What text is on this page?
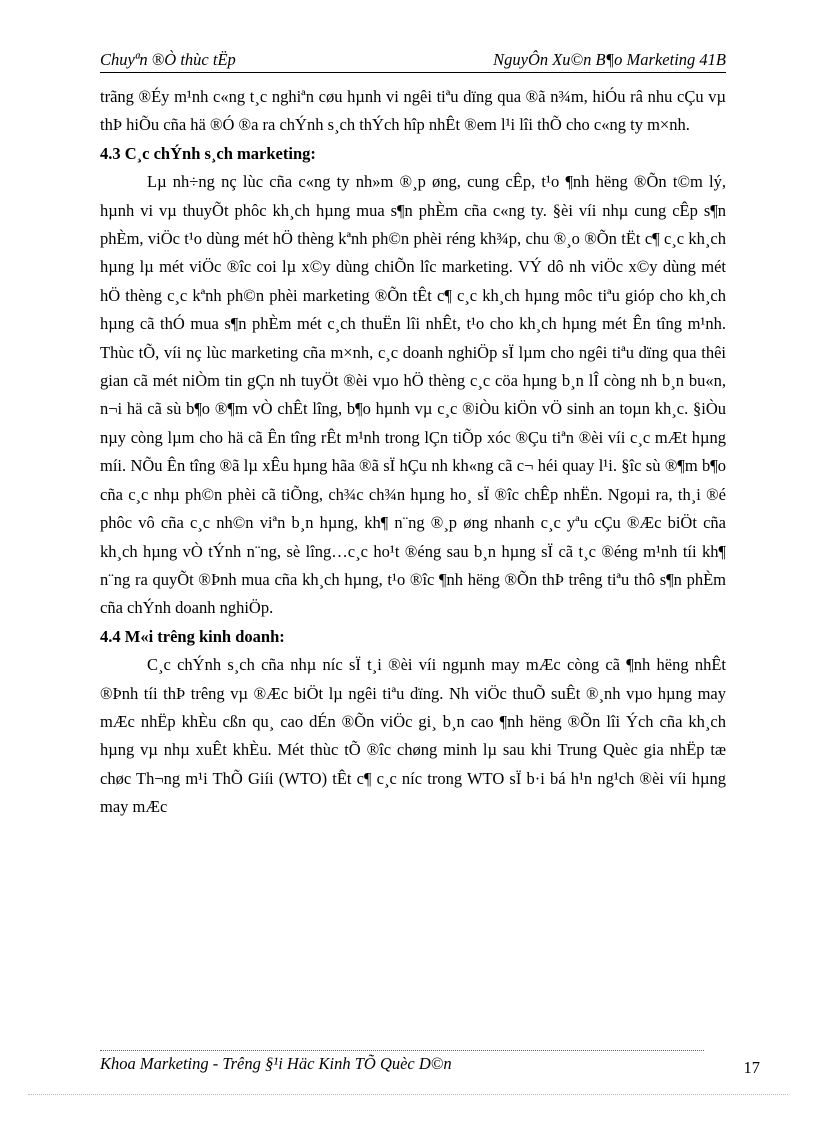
Chuyªn ®Ò thùc tËp	NguyÔn Xu©n B¶o Marketing 41B

trãng ®Éy m¹nh c«ng t¸c nghiªn cøu hµnh vi ngêi tiªu dïng qua ®ã n¾m, hiÓu râ nhu cÇu vµ thÞ hiÕu cña hä ®Ó ®a ra chÝnh s¸ch thÝch hîp nhÊt ®em l¹i lîi thÕ cho c«ng ty m×nh.

4.3 C¸c chÝnh s¸ch marketing:

Lµ nh÷ng nç lùc cña c«ng ty nh»m ®¸p øng, cung cÊp, t¹o ¶nh hëng ®Õn t©m lý, hµnh vi vµ thuyÕt phôc kh¸ch hµng mua s¶n phÈm cña c«ng ty. §èi víi nhµ cung cÊp s¶n phÈm, viÖc t¹o dùng mét hÖ thèng kªnh ph©n phèi réng kh¾p, chu ®¸o ®Õn tËt c¶ c¸c kh¸ch hµng lµ mét viÖc ®îc coi lµ x©y dùng chiÕn lîc marketing. VÝ dô nh viÖc x©y dùng mét hÖ thèng c¸c kªnh ph©n phèi marketing ®Õn tÊt c¶ c¸c kh¸ch hµng môc tiªu gióp cho kh¸ch hµng cã thÓ mua s¶n phÈm mét c¸ch thuËn lîi nhÊt, t¹o cho kh¸ch hµng mét Ên tîng m¹nh. Thùc tÕ, víi nç lùc marketing cña m×nh, c¸c doanh nghiÖp sÏ lµm cho ngêi tiªu dïng qua thêi gian cã mét niÒm tin gÇn nh tuyÖt ®èi vµo hÖ thèng c¸c cöa hµng b¸n lÎ còng nh b¸n bu«n, n¬i hä cã sù b¶o ®¶m vÒ chÊt lîng, b¶o hµnh vµ c¸c ®iÒu kiÖn vÖ sinh an toµn kh¸c. §iÒu nµy còng lµm cho hä cã Ên tîng rÊt m¹nh trong lÇn tiÕp xóc ®Çu tiªn ®èi víi c¸c mÆt hµng míi. NÕu Ên tîng ®ã lµ xÊu hµng hãa ®ã sÏ hÇu nh kh«ng cã c¬ héi quay l¹i. §îc sù ®¶m b¶o cña c¸c nhµ ph©n phèi cã tiÕng, ch¾c ch¾n hµng ho¸ sÏ ®îc chÊp nhËn. Ngoµi ra, th¸i ®é phôc vô cña c¸c nh©n viªn b¸n hµng, kh¶ n¨ng ®¸p øng nhanh c¸c yªu cÇu ®Æc biÖt cña kh¸ch hµng vÒ tÝnh n¨ng, sè lîng…c¸c ho¹t ®éng sau b¸n hµng sÏ cã t¸c ®éng m¹nh tíi kh¶ n¨ng ra quyÕt ®Þnh mua cña kh¸ch hµng, t¹o ®îc ¶nh hëng ®Õn thÞ trêng tiªu thô s¶n phÈm cña chÝnh doanh nghiÖp.

4.4 M«i trêng kinh doanh:

C¸c chÝnh s¸ch cña nhµ níc sÏ t¸i ®èi víi ngµnh may mÆc còng cã ¶nh hëng nhÊt ®Þnh tíi thÞ trêng vµ ®Æc biÖt lµ ngêi tiªu dïng. Nh viÖc thuÕ suÊt ®¸nh vµo hµng may mÆc nhËp khÈu cßn qu¸ cao dÉn ®Õn viÖc gi¸ b¸n cao ¶nh hëng ®Õn lîi Ých cña kh¸ch hµng vµ nhµ xuÊt khÈu. Mét thùc tÕ ®îc chøng minh lµ sau khi Trung Quèc gia nhËp tæ chøc Th¬ng m¹i ThÕ Giíi (WTO) tÊt c¶ c¸c níc trong WTO sÏ b·i bá h¹n ng¹ch ®èi víi hµng may mÆc

Khoa Marketing - Trêng §¹i Häc Kinh TÕ Quèc D©n	17
